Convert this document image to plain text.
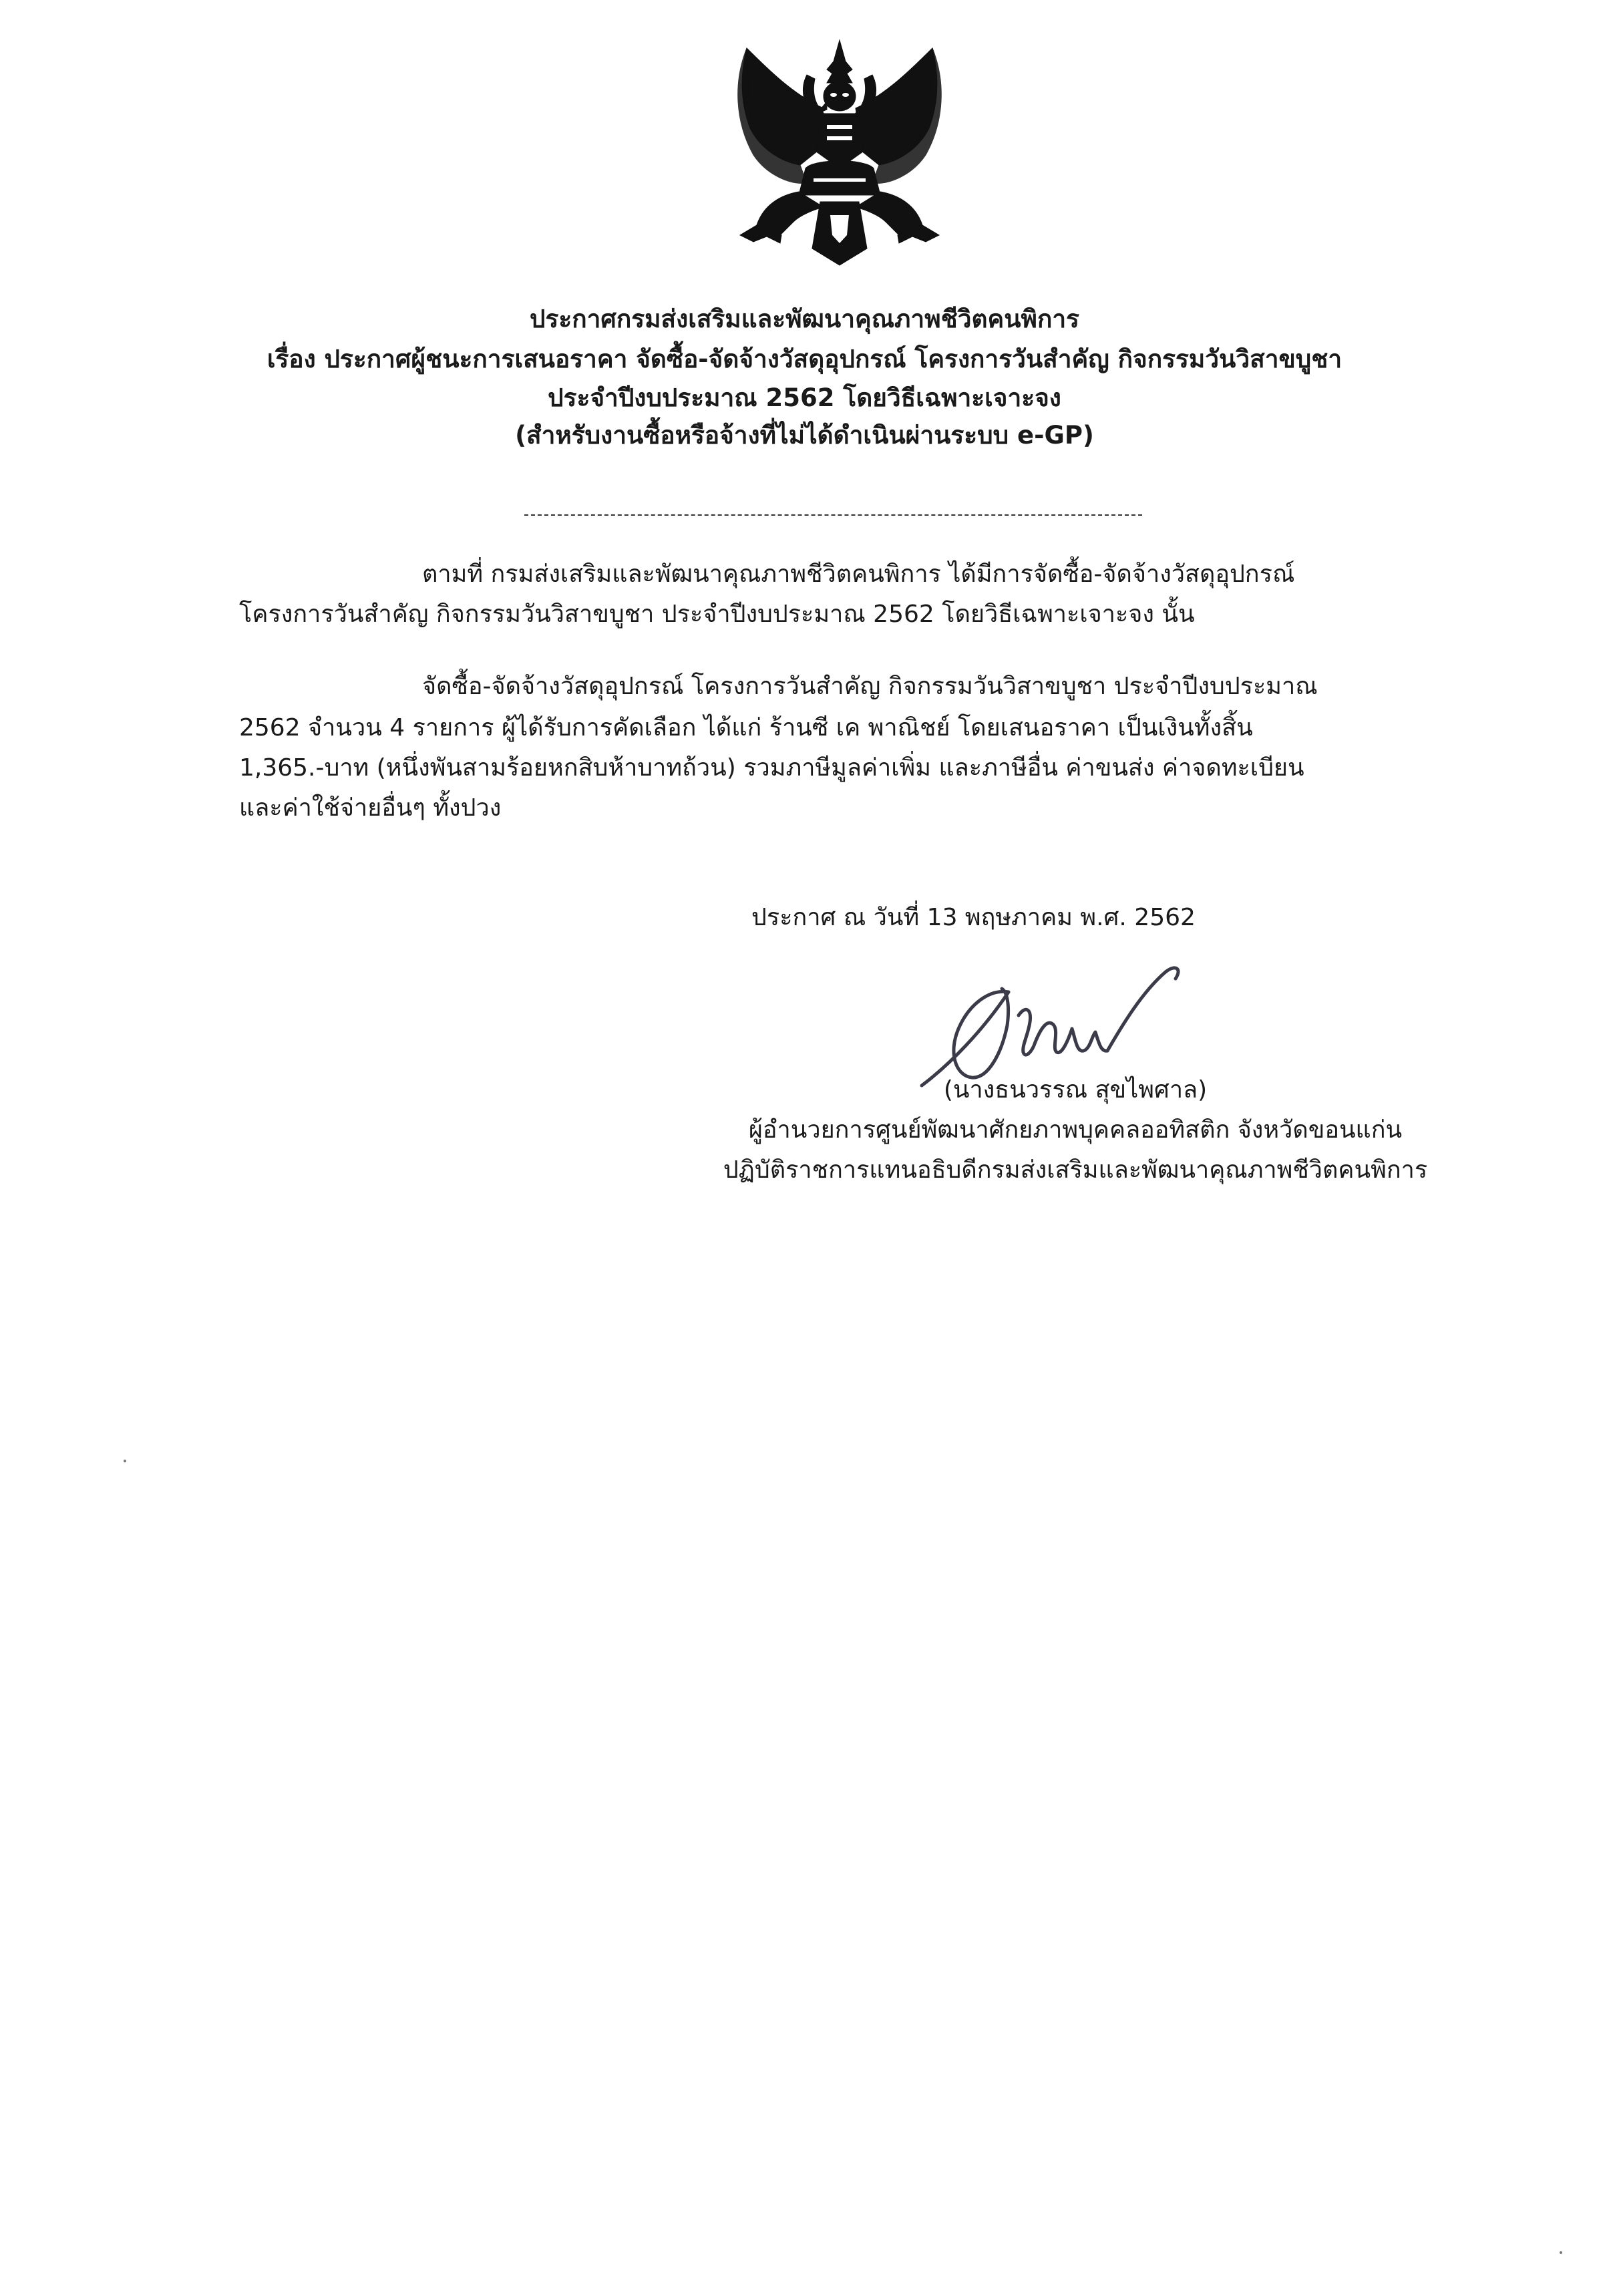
ประกาศกรมส่งเสริมและพัฒนาคุณภาพชีวิตคนพิการ
เรื่อง ประกาศผู้ชนะการเสนอราคา จัดซื้อ-จัดจ้างวัสดุอุปกรณ์ โครงการวันสำคัญ กิจกรรมวันวิสาขบูชา
ประจำปีงบประมาณ 2562 โดยวิธีเฉพาะเจาะจง
(สำหรับงานซื้อหรือจ้างที่ไม่ได้ดำเนินผ่านระบบ e-GP)
ตามที่ กรมส่งเสริมและพัฒนาคุณภาพชีวิตคนพิการ ได้มีการจัดซื้อ-จัดจ้างวัสดุอุปกรณ์
โครงการวันสำคัญ กิจกรรมวันวิสาขบูชา ประจำปีงบประมาณ 2562 โดยวิธีเฉพาะเจาะจง นั้น
จัดซื้อ-จัดจ้างวัสดุอุปกรณ์ โครงการวันสำคัญ กิจกรรมวันวิสาขบูชา ประจำปีงบประมาณ
2562 จำนวน 4 รายการ ผู้ได้รับการคัดเลือก ได้แก่ ร้านซี เค พาณิชย์ โดยเสนอราคา เป็นเงินทั้งสิ้น
1,365.-บาท (หนึ่งพันสามร้อยหกสิบห้าบาทถ้วน) รวมภาษีมูลค่าเพิ่ม และภาษีอื่น ค่าขนส่ง ค่าจดทะเบียน
และค่าใช้จ่ายอื่นๆ ทั้งปวง
ประกาศ ณ วันที่ 13 พฤษภาคม พ.ศ. 2562
(นางธนวรรณ สุขไพศาล)
ผู้อำนวยการศูนย์พัฒนาศักยภาพบุคคลออทิสติก จังหวัดขอนแก่น
ปฏิบัติราชการแทนอธิบดีกรมส่งเสริมและพัฒนาคุณภาพชีวิตคนพิการ
